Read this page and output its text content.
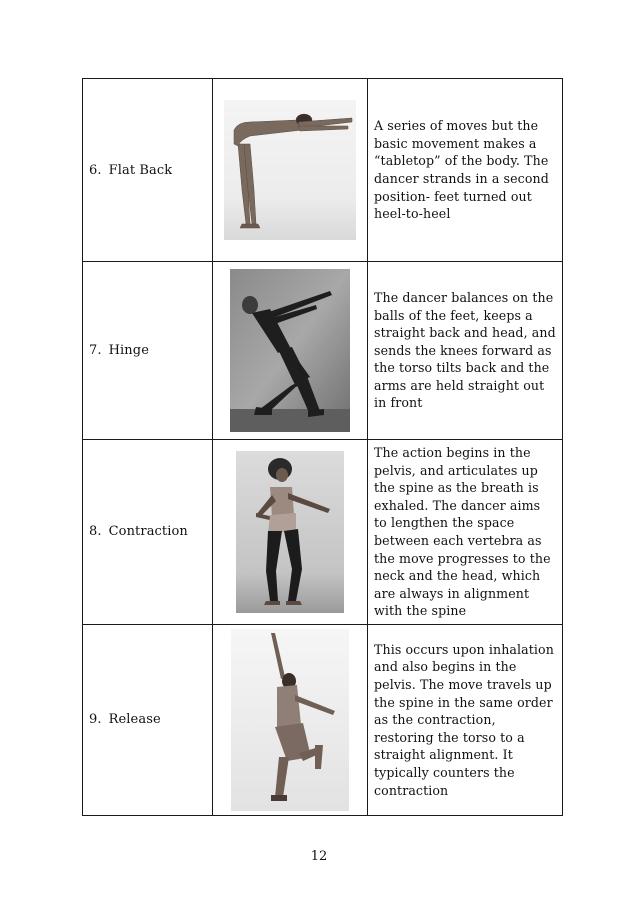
6. Flat Back		A series of moves but the basic movement makes a “tabletop” of the body. The dancer strands in a second position- feet turned out heel-to-heel
7. Hinge		The dancer balances on the balls of the feet, keeps a straight back and head, and sends the knees forward as the torso tilts back and the arms are held straight out in front
8. Contraction		The action begins in the pelvis, and articulates up the spine as the breath is exhaled. The dancer aims to lengthen the space between each vertebra as the move progresses to the neck and the head, which are always in alignment with the spine
9. Release		This occurs upon inhalation and also begins in the pelvis. The move travels up the spine in the same order as the contraction, restoring the torso to a straight alignment. It typically counters the contraction
12
